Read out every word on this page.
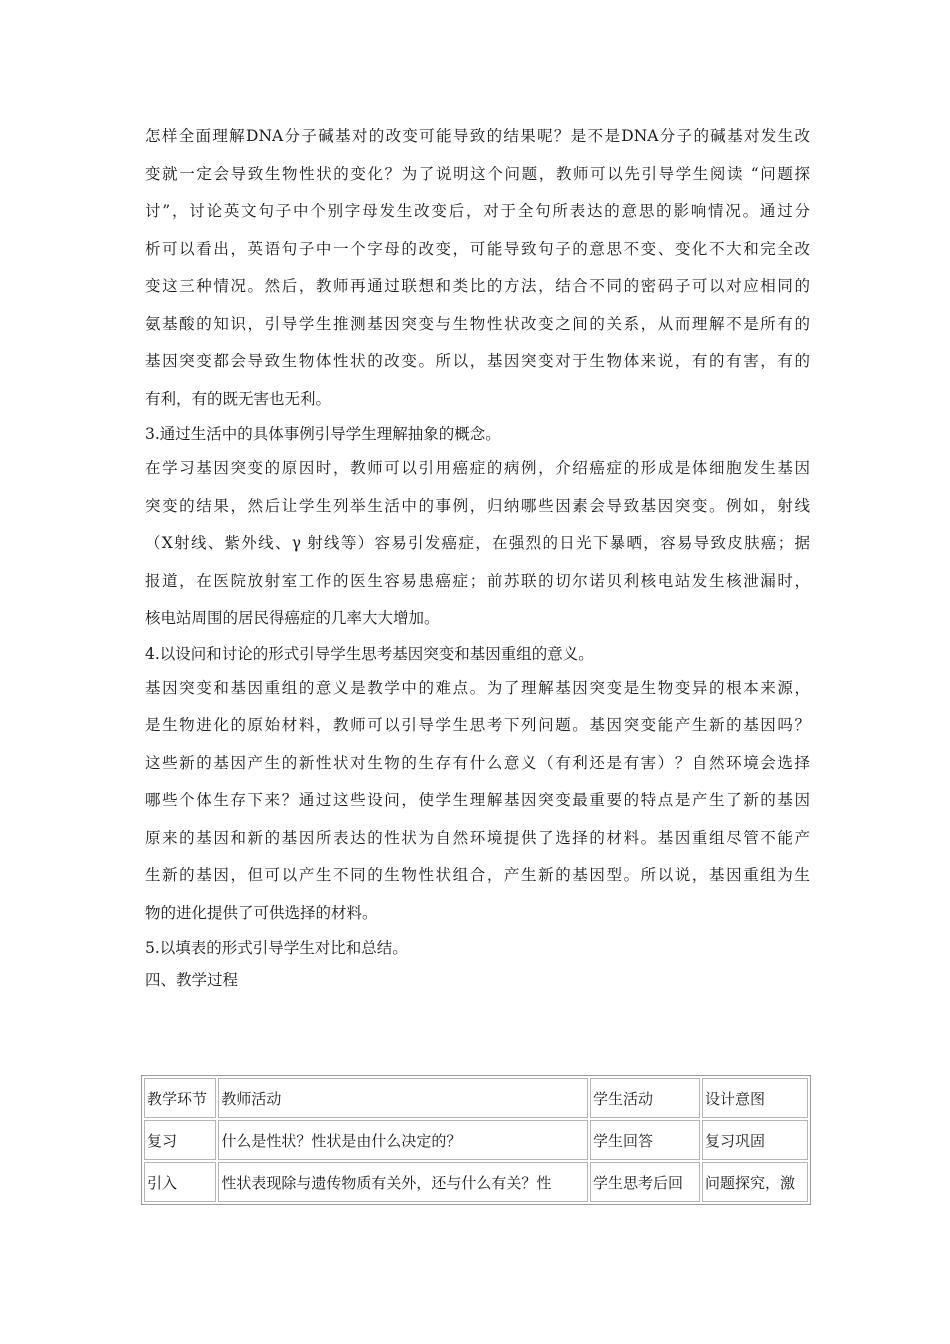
怎样全面理解DNA分子碱基对的改变可能导致的结果呢？是不是DNA分子的碱基对发生改
变就一定会导致生物性状的变化？为了说明这个问题，教师可以先引导学生阅读 “问题探
讨”，讨论英文句子中个别字母发生改变后，对于全句所表达的意思的影响情况。通过分
析可以看出，英语句子中一个字母的改变，可能导致句子的意思不变、变化不大和完全改
变这三种情况。然后，教师再通过联想和类比的方法，结合不同的密码子可以对应相同的
氨基酸的知识，引导学生推测基因突变与生物性状改变之间的关系，从而理解不是所有的
基因突变都会导致生物体性状的改变。所以，基因突变对于生物体来说，有的有害，有的
有利，有的既无害也无利。
3.通过生活中的具体事例引导学生理解抽象的概念。
在学习基因突变的原因时，教师可以引用癌症的病例，介绍癌症的形成是体细胞发生基因
突变的结果，然后让学生列举生活中的事例，归纳哪些因素会导致基因突变。例如，射线
（X射线、紫外线、γ 射线等）容易引发癌症，在强烈的日光下暴晒，容易导致皮肤癌；据
报道，在医院放射室工作的医生容易患癌症；前苏联的切尔诺贝利核电站发生核泄漏时，
核电站周围的居民得癌症的几率大大增加。
4.以设问和讨论的形式引导学生思考基因突变和基因重组的意义。
基因突变和基因重组的意义是教学中的难点。为了理解基因突变是生物变异的根本来源，
是生物进化的原始材料，教师可以引导学生思考下列问题。基因突变能产生新的基因吗？
这些新的基因产生的新性状对生物的生存有什么意义（有利还是有害）？自然环境会选择
哪些个体生存下来？通过这些设问，使学生理解基因突变最重要的特点是产生了新的基因
原来的基因和新的基因所表达的性状为自然环境提供了选择的材料。基因重组尽管不能产
生新的基因，但可以产生不同的生物性状组合，产生新的基因型。所以说，基因重组为生
物的进化提供了可供选择的材料。
5.以填表的形式引导学生对比和总结。
四、教学过程
教学环节	教师活动	学生活动	设计意图
复习	什么是性状？性状是由什么决定的？	学生回答	复习巩固
引入	性状表现除与遗传物质有关外，还与什么有关？性	学生思考后回	问题探究，激
